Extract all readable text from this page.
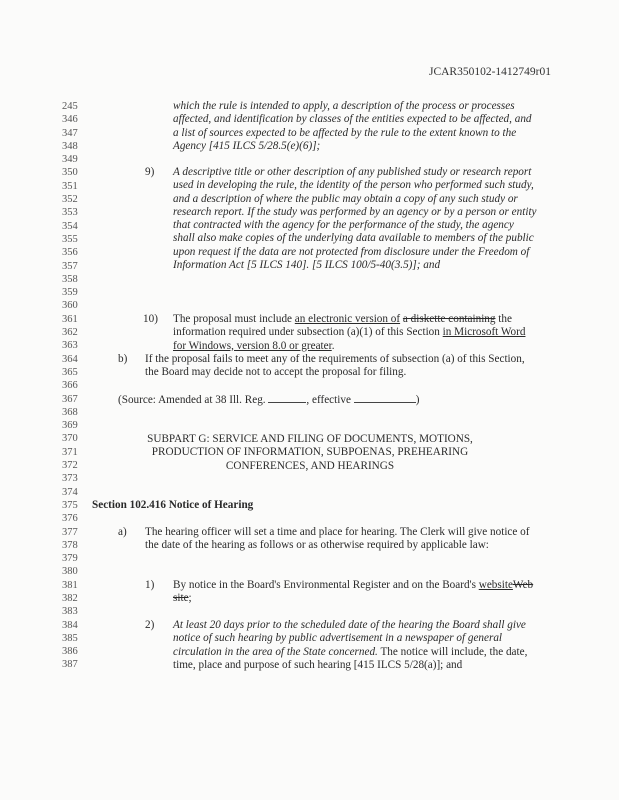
JCAR350102-1412749r01
245
346
347
348
349
350
351
352
353
354
355
356
357
358
359
360
361
362
363
364
365
366
367
368
369
370
371
372
373
374
375
376
377
378
379
380
381
382
383
384
385
386
387
which the rule is intended to apply, a description of the process or processes affected, and identification by classes of the entities expected to be affected, and a list of sources expected to be affected by the rule to the extent known to the Agency [415 ILCS 5/28.5(e)(6)];
9) A descriptive title or other description of any published study or research report used in developing the rule, the identity of the person who performed such study, and a description of where the public may obtain a copy of any such study or research report. If the study was performed by an agency or by a person or entity that contracted with the agency for the performance of the study, the agency shall also make copies of the underlying data available to members of the public upon request if the data are not protected from disclosure under the Freedom of Information Act [5 ILCS 140]. [5 ILCS 100/5-40(3.5)]; and
10) The proposal must include an electronic version of a diskette containing the information required under subsection (a)(1) of this Section in Microsoft Word for Windows, version 8.0 or greater.
b) If the proposal fails to meet any of the requirements of subsection (a) of this Section, the Board may decide not to accept the proposal for filing.
(Source: Amended at 38 Ill. Reg.	, effective	)
SUBPART G: SERVICE AND FILING OF DOCUMENTS, MOTIONS,
PRODUCTION OF INFORMATION, SUBPOENAS, PREHEARING
CONFERENCES, AND HEARINGS
Section 102.416 Notice of Hearing
a) The hearing officer will set a time and place for hearing. The Clerk will give notice of the date of the hearing as follows or as otherwise required by applicable law:
1) By notice in the Board's Environmental Register and on the Board's websiteWeb site;
2) At least 20 days prior to the scheduled date of the hearing the Board shall give notice of such hearing by public advertisement in a newspaper of general circulation in the area of the State concerned. The notice will include, the date, time, place and purpose of such hearing [415 ILCS 5/28(a)]; and
